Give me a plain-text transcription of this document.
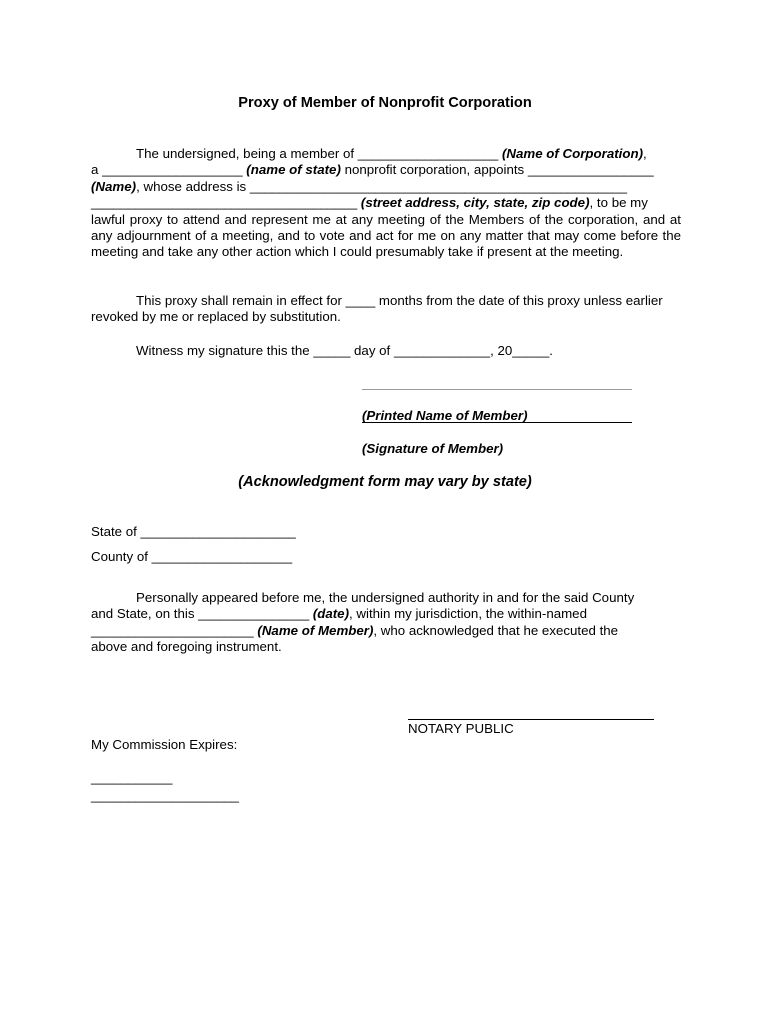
Proxy of Member of Nonprofit Corporation
The undersigned, being a member of ___________________ (Name of Corporation),
a ___________________ (name of state) nonprofit corporation, appoints _________________
(Name), whose address is ___________________________________________________
____________________________________ (street address, city, state, zip code), to be my
lawful proxy to attend and represent me at any meeting of the Members of the corporation, and at any adjournment of a meeting, and to vote and act for me on any matter that may come before the meeting and take any other action which I could presumably take if present at the meeting.
This proxy shall remain in effect for ____ months from the date of this proxy unless earlier revoked by me or replaced by substitution.
Witness my signature this the _____ day of _____________, 20_____.
(Printed Name of Member)
(Signature of Member)
(Acknowledgment form may vary by state)
State of _____________________
County of ___________________
Personally appeared before me, the undersigned authority in and for the said County
and State, on this _______________ (date), within my jurisdiction, the within-named
______________________ (Name of Member), who acknowledged that he executed the
above and foregoing instrument.
NOTARY PUBLIC
My Commission Expires:
___________
____________________
